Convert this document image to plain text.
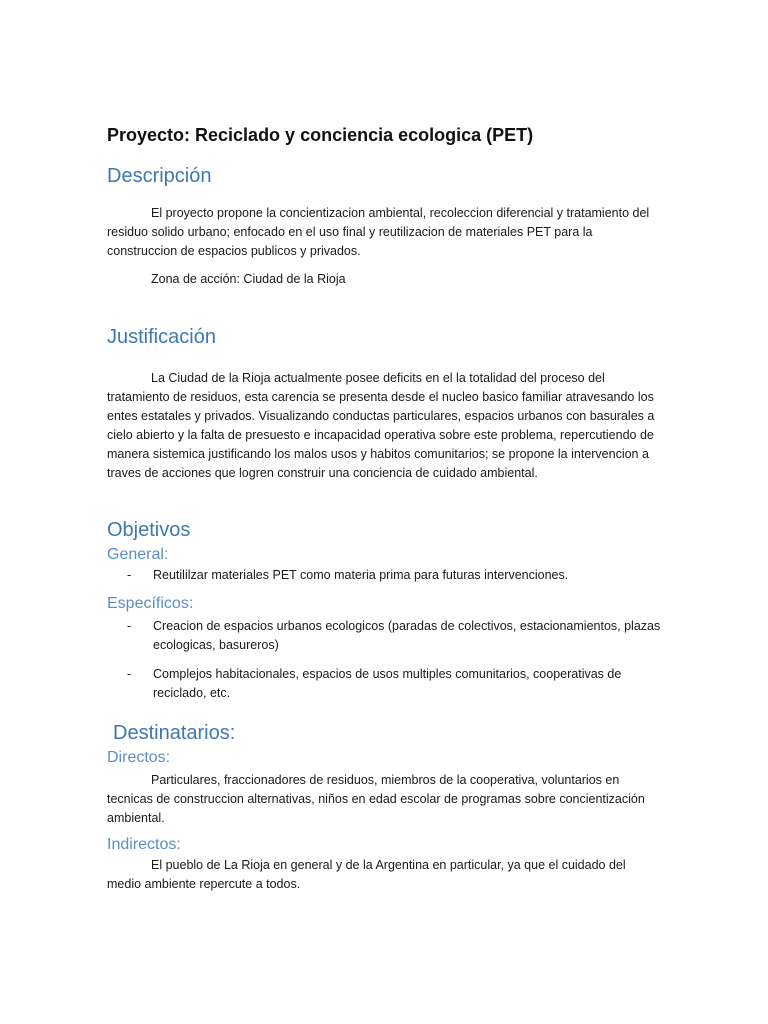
Proyecto: Reciclado y conciencia ecologica (PET)
Descripción

El proyecto propone la concientizacion ambiental, recoleccion diferencial y tratamiento del residuo solido urbano; enfocado en el uso final y reutilizacion de materiales PET para la construccion de espacios publicos y privados.

Zona de acción: Ciudad de la Rioja

Justificación

La Ciudad de la Rioja actualmente posee deficits en el la totalidad del proceso del tratamiento de residuos, esta carencia se presenta desde el nucleo basico familiar atravesando los entes estatales y privados. Visualizando conductas particulares, espacios urbanos con basurales a cielo abierto y la falta de presuesto e incapacidad operativa sobre este problema, repercutiendo de manera sistemica justificando los malos usos y habitos comunitarios; se propone la intervencion a traves de acciones que logren construir una conciencia de cuidado ambiental.

Objetivos
General:
- Reutililzar materiales PET como materia prima para futuras intervenciones.
Específicos:
- Creacion de espacios urbanos ecologicos (paradas de colectivos, estacionamientos, plazas ecologicas, basureros)
- Complejos habitacionales, espacios de usos multiples comunitarios, cooperativas de reciclado, etc.
Destinatarios:
Directos:

Particulares, fraccionadores de residuos, miembros de la cooperativa, voluntarios en tecnicas de construccion alternativas, niños en edad escolar de programas sobre concientización ambiental.

Indirectos:

El pueblo de La Rioja en general y de la Argentina en particular, ya que el cuidado del medio ambiente repercute a todos.
